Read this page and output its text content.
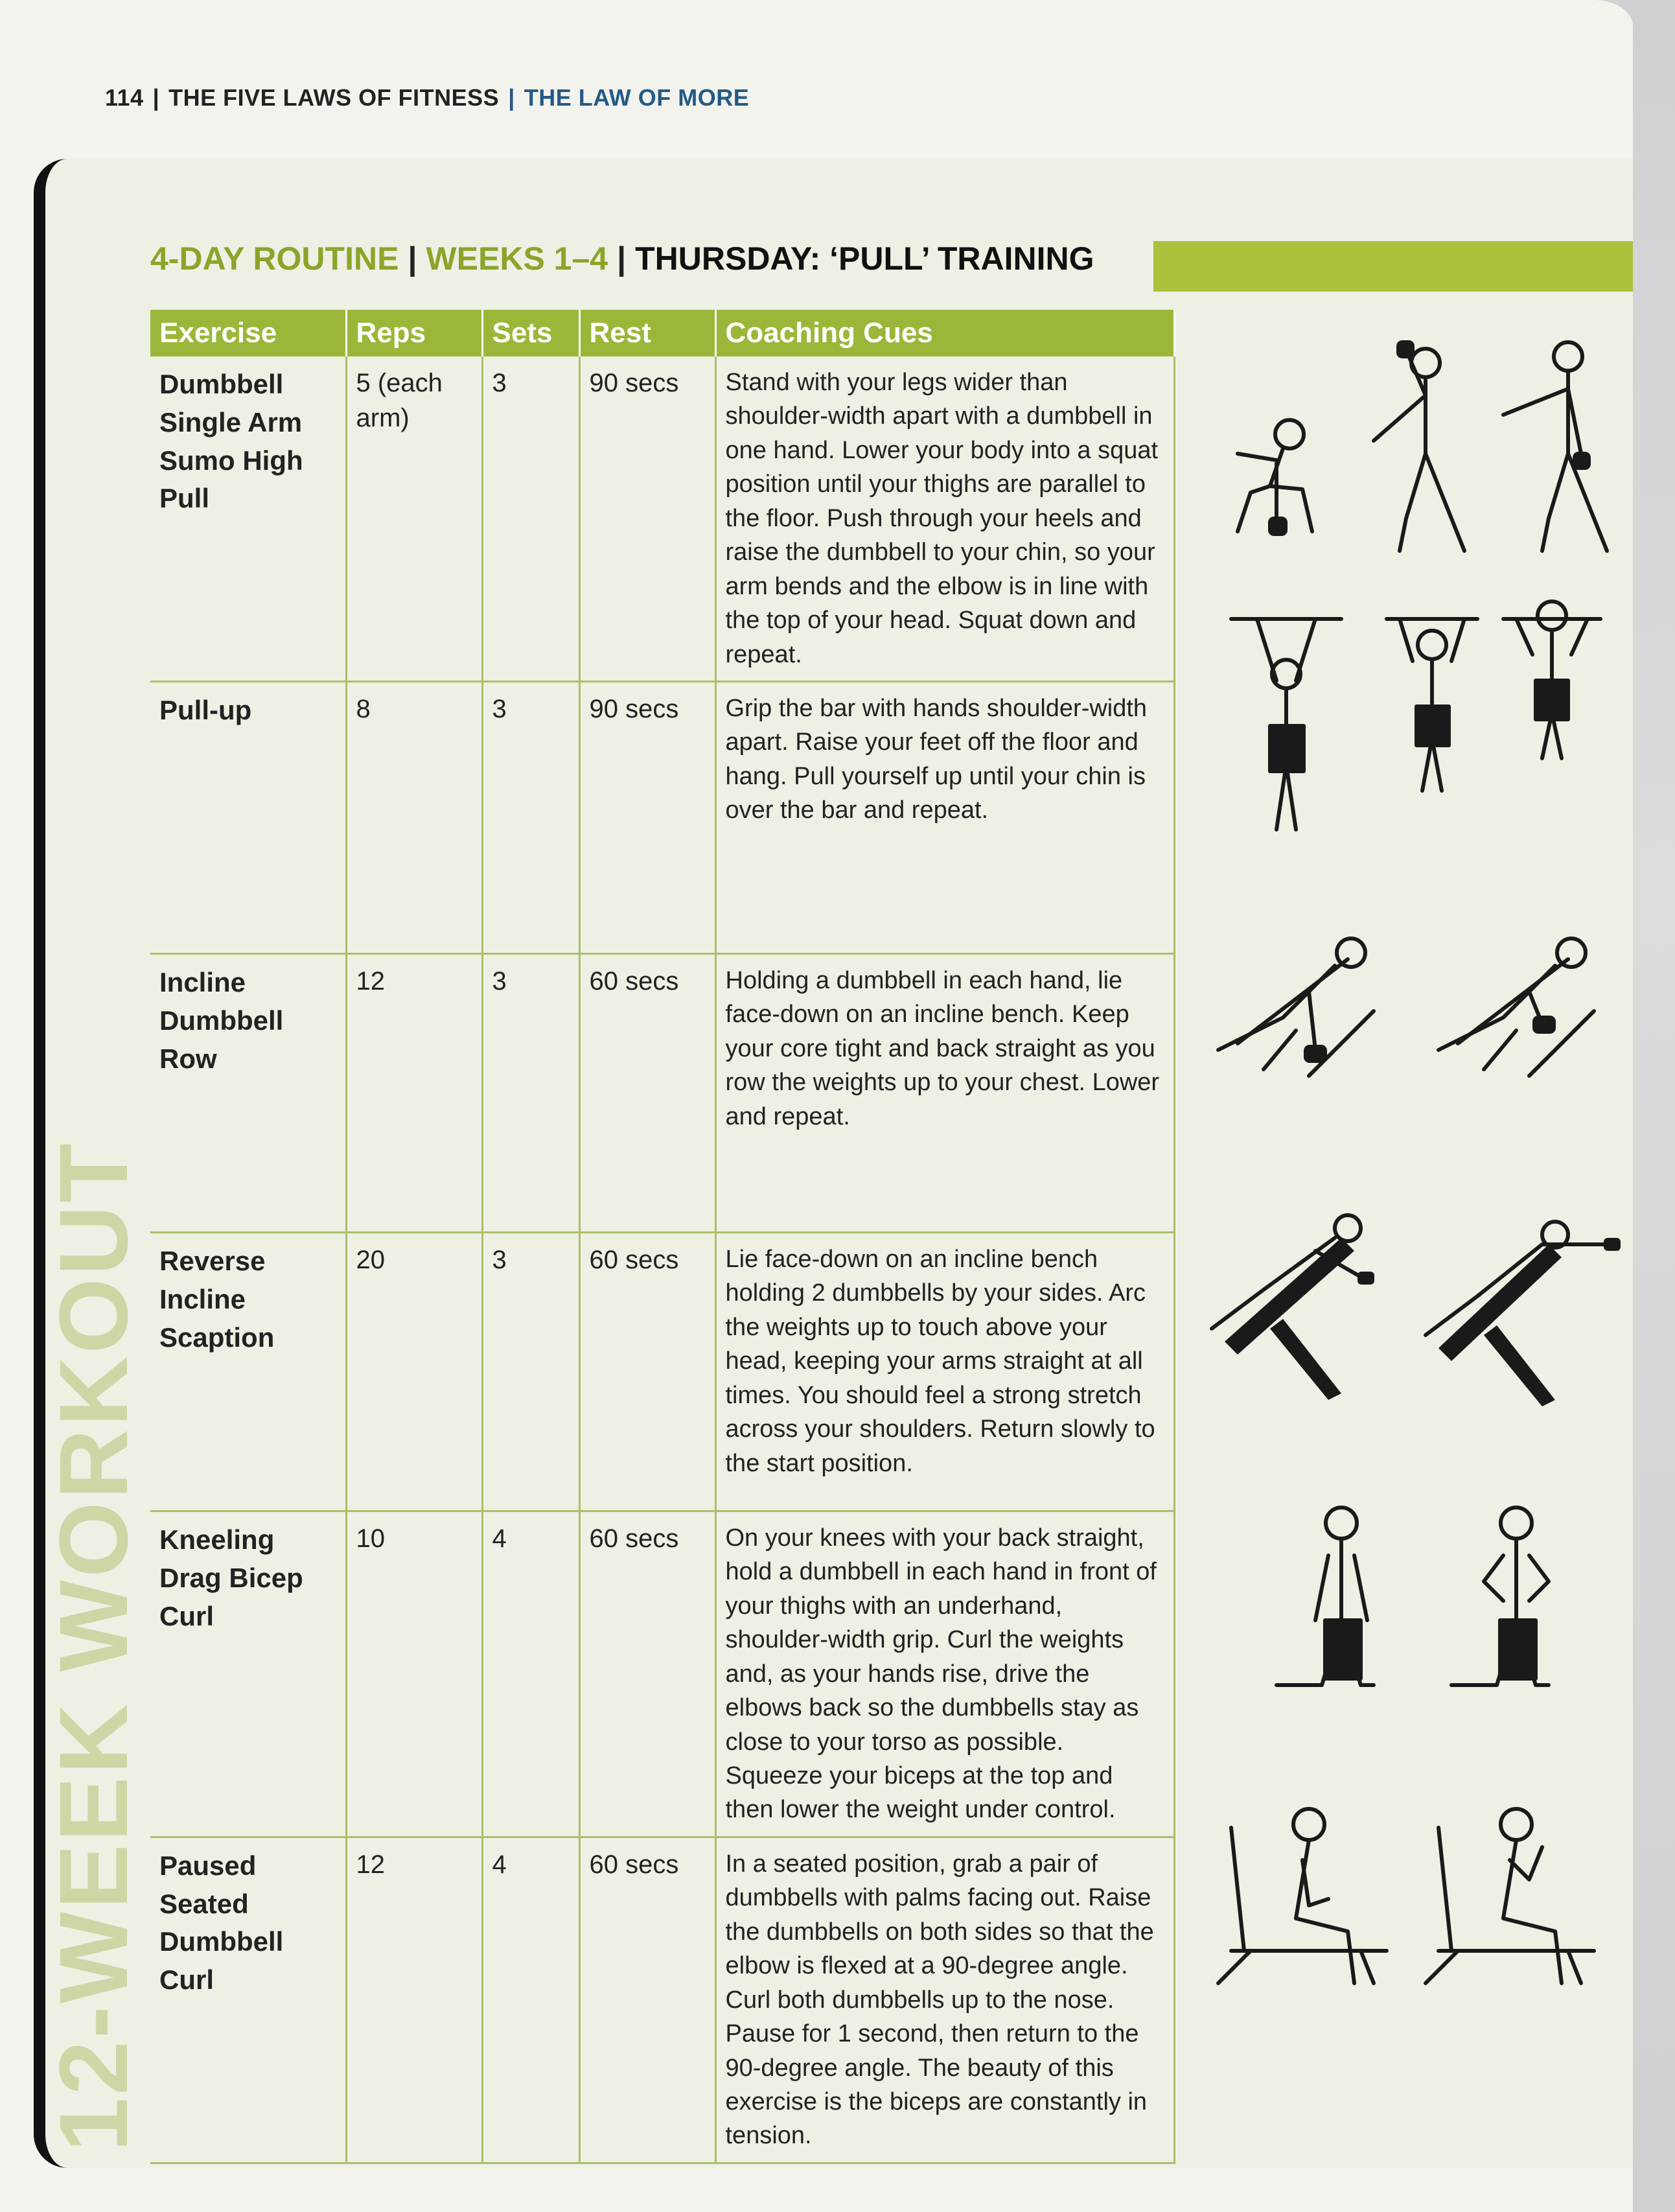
114 | THE FIVE LAWS OF FITNESS | THE LAW OF MORE
12-WEEK WORKOUT
4-DAY ROUTINE | WEEKS 1–4 | THURSDAY: ‘PULL’ TRAINING
Exercise	Reps	Sets	Rest	Coaching Cues
Dumbbell Single Arm Sumo High Pull	5 (each arm)	3	90 secs	Stand with your legs wider than shoulder-width apart with a dumbbell in one hand. Lower your body into a squat position until your thighs are parallel to the floor. Push through your heels and raise the dumbbell to your chin, so your arm bends and the elbow is in line with the top of your head. Squat down and repeat.
Pull-up	8	3	90 secs	Grip the bar with hands shoulder-width apart. Raise your feet off the floor and hang. Pull yourself up until your chin is over the bar and repeat.
Incline Dumbbell Row	12	3	60 secs	Holding a dumbbell in each hand, lie face-down on an incline bench. Keep your core tight and back straight as you row the weights up to your chest. Lower and repeat.
Reverse Incline Scaption	20	3	60 secs	Lie face-down on an incline bench holding 2 dumbbells by your sides. Arc the weights up to touch above your head, keeping your arms straight at all times. You should feel a strong stretch across your shoulders. Return slowly to the start position.
Kneeling Drag Bicep Curl	10	4	60 secs	On your knees with your back straight, hold a dumbbell in each hand in front of your thighs with an underhand, shoulder-width grip. Curl the weights and, as your hands rise, drive the elbows back so the dumbbells stay as close to your torso as possible. Squeeze your biceps at the top and then lower the weight under control.
Paused Seated Dumbbell Curl	12	4	60 secs	In a seated position, grab a pair of dumbbells with palms facing out. Raise the dumbbells on both sides so that the elbow is flexed at a 90-degree angle. Curl both dumbbells up to the nose. Pause for 1 second, then return to the 90-degree angle. The beauty of this exercise is the biceps are constantly in tension.
